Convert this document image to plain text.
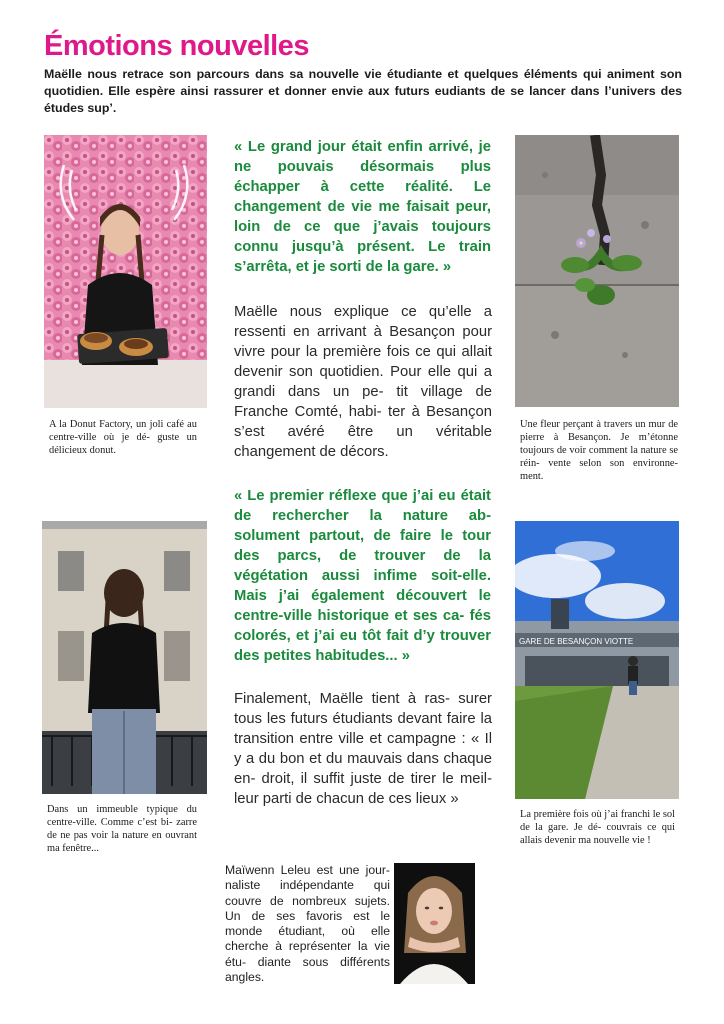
Émotions nouvelles

Maëlle nous retrace son parcours dans sa nouvelle vie étudiante et quelques éléments qui animent son quotidien. Elle espère ainsi rassurer et donner envie aux futurs eudiants de se lancer dans l’univers des études sup’.

A la Donut Factory, un joli café au centre-ville où je dé- guste un délicieux donut.

Une fleur perçant à travers un mur de pierre à Besançon. Je m’étonne toujours de voir comment la nature se réin- vente selon son environne- ment.

Dans un immeuble typique du centre-ville. Comme c’est bi- zarre de ne pas voir la nature en ouvrant ma fenêtre...

GARE DE BESANÇON VIOTTE

La première fois où j’ai franchi le sol de la gare. Je dé- couvrais ce qui allais devenir ma nouvelle vie !

« Le grand jour était enfin arrivé, je ne pouvais désormais plus échapper à cette réalité. Le changement de vie me faisait peur, loin de ce que j’avais toujours connu jusqu’à présent. Le train s’arrêta, et je sorti de la gare. »

Maëlle nous explique ce qu’elle a ressenti en arrivant à Besançon pour vivre pour la première fois ce qui allait devenir son quotidien. Pour elle qui a grandi dans un pe- tit village de Franche Comté, habi- ter à Besançon s’est avéré être un véritable changement de décors.

« Le premier réflexe que j’ai eu était de rechercher la nature ab- solument partout, de faire le tour des parcs, de trouver de la végétation aussi infime soit-elle. Mais j’ai également découvert le centre-ville historique et ses ca- fés colorés, et j’ai eu tôt fait d’y trouver des petites habitudes... »

Finalement, Maëlle tient à ras- surer tous les futurs étudiants devant faire la transition entre ville et campagne : « Il y a du bon et du mauvais dans chaque en- droit, il suffit juste de tirer le meil- leur parti de chacun de ces lieux »

Maïwenn Leleu est une jour- naliste indépendante qui couvre de nombreux sujets. Un de ses favoris est le monde étudiant, où elle cherche à représenter la vie étu- diante sous différents angles.
